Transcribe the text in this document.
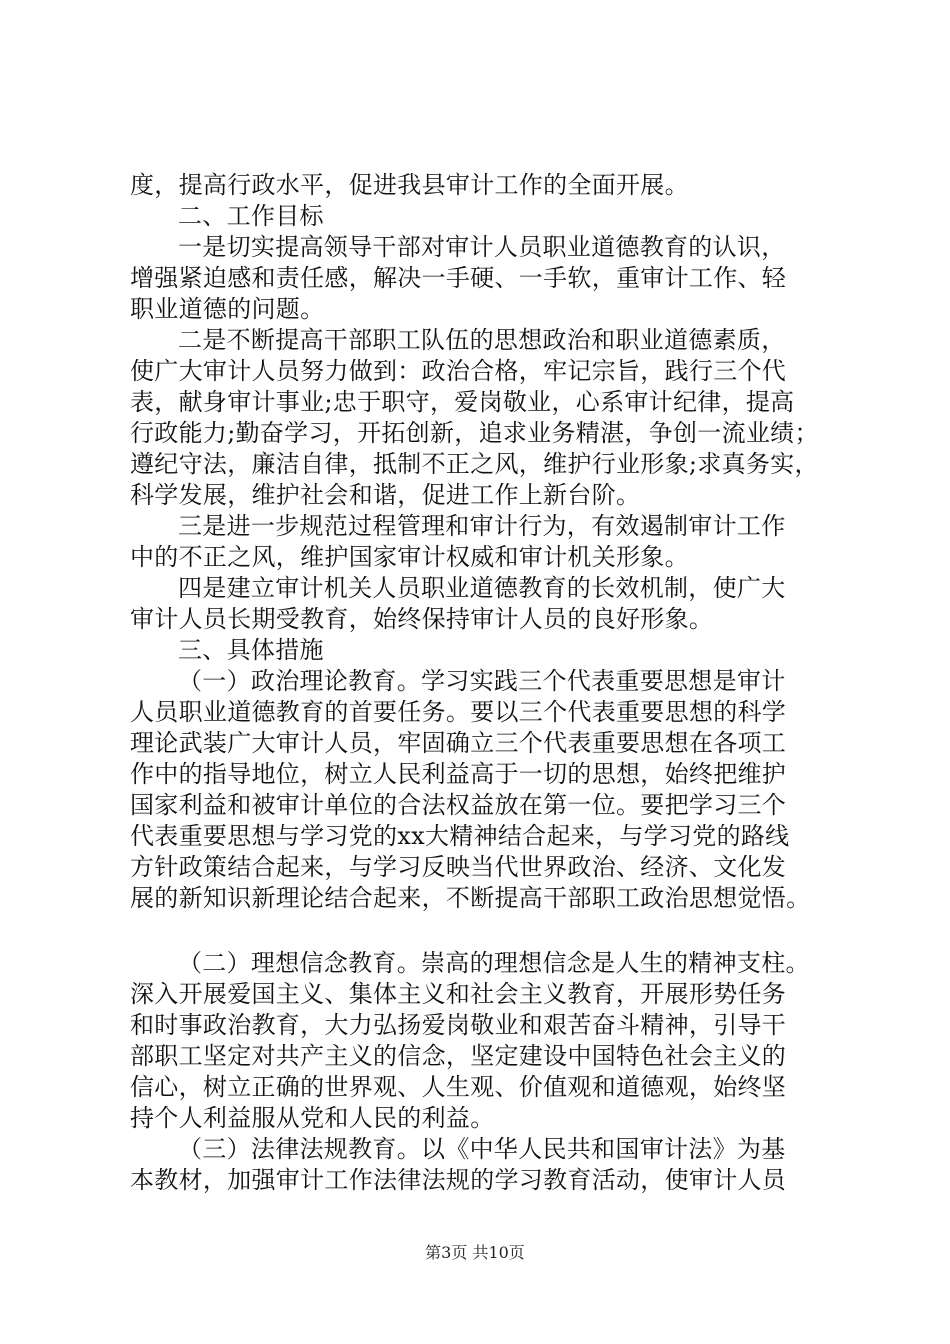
度，提高行政水平，促进我县审计工作的全面开展。
二、工作目标
一是切实提高领导干部对审计人员职业道德教育的认识，
增强紧迫感和责任感，解决一手硬、一手软，重审计工作、轻
职业道德的问题。
二是不断提高干部职工队伍的思想政治和职业道德素质，
使广大审计人员努力做到：政治合格，牢记宗旨，践行三个代
表，献身审计事业;忠于职守，爱岗敬业，心系审计纪律，提高
行政能力;勤奋学习，开拓创新，追求业务精湛，争创一流业绩；
遵纪守法，廉洁自律，抵制不正之风，维护行业形象;求真务实，
科学发展，维护社会和谐，促进工作上新台阶。
三是进一步规范过程管理和审计行为，有效遏制审计工作
中的不正之风，维护国家审计权威和审计机关形象。
四是建立审计机关人员职业道德教育的长效机制，使广大
审计人员长期受教育，始终保持审计人员的良好形象。
三、具体措施
（一）政治理论教育。学习实践三个代表重要思想是审计
人员职业道德教育的首要任务。要以三个代表重要思想的科学
理论武装广大审计人员，牢固确立三个代表重要思想在各项工
作中的指导地位，树立人民利益高于一切的思想，始终把维护
国家利益和被审计单位的合法权益放在第一位。要把学习三个
代表重要思想与学习党的xx大精神结合起来，与学习党的路线
方针政策结合起来，与学习反映当代世界政治、经济、文化发
展的新知识新理论结合起来，不断提高干部职工政治思想觉悟。
（二）理想信念教育。崇高的理想信念是人生的精神支柱。
深入开展爱国主义、集体主义和社会主义教育，开展形势任务
和时事政治教育，大力弘扬爱岗敬业和艰苦奋斗精神，引导干
部职工坚定对共产主义的信念，坚定建设中国特色社会主义的
信心，树立正确的世界观、人生观、价值观和道德观，始终坚
持个人利益服从党和人民的利益。
（三）法律法规教育。以《中华人民共和国审计法》为基
本教材，加强审计工作法律法规的学习教育活动，使审计人员
第3页 共10页
